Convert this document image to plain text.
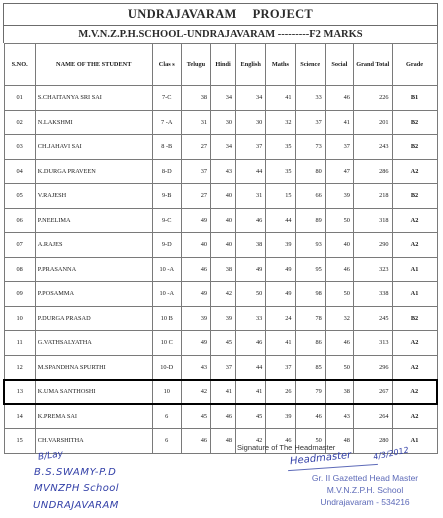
UNDRAJAVARAM PROJECT
M.V.N.Z.P.H.SCHOOL-UNDRAJAVARAM ---------F2 MARKS
S.NO.	NAME OF THE STUDENT	Clas s	Telugu	Hindi	English	Maths	Science	Social	Grand Total	Grade
01	S.CHAITANYA SRI SAI	7-C	38	34	34	41	33	46	226	B1
02	N.LAKSHMI	7 -A	31	30	30	32	37	41	201	B2
03	CH.JAHAVI SAI	8 -B	27	34	37	35	73	37	243	B2
04	K.DURGA PRAVEEN	8-D	37	43	44	35	80	47	286	A2
05	V.RAJESH	9-B	27	40	31	15	66	39	218	B2
06	P.NEELIMA	9-C	49	40	46	44	89	50	318	A2
07	A.RAJES	9-D	40	40	38	39	93	40	290	A2
08	P.PRASANNA	10 -A	46	38	49	49	95	46	323	A1
09	P.POSAMMA	10 -A	49	42	50	49	98	50	338	A1
10	P.DURGA PRASAD	10 B	39	39	33	24	78	32	245	B2
11	G.VATHSALYATHA	10 C	49	45	46	41	86	46	313	A2
12	M.SPANDHNA SPURTHI	10-D	43	37	44	37	85	50	296	A2
13	K.UMA SANTHOSHI	10	42	41	41	26	79	38	267	A2
14	K.PREMA SAI	6	45	46	45	39	46	43	264	A2
15	CH.VARSHITHA	6	46	48	42	46	50	48	280	A1
Signature of The Headmaster
B/Lay
B.S.SWAMY-P.D
MVNZPH School
UNDRAJAVARAM
Headmaster	4/3/2012
Gr. II Gazetted Head Master
M.V.N.Z.P.H. School
Undrajavaram - 534216
